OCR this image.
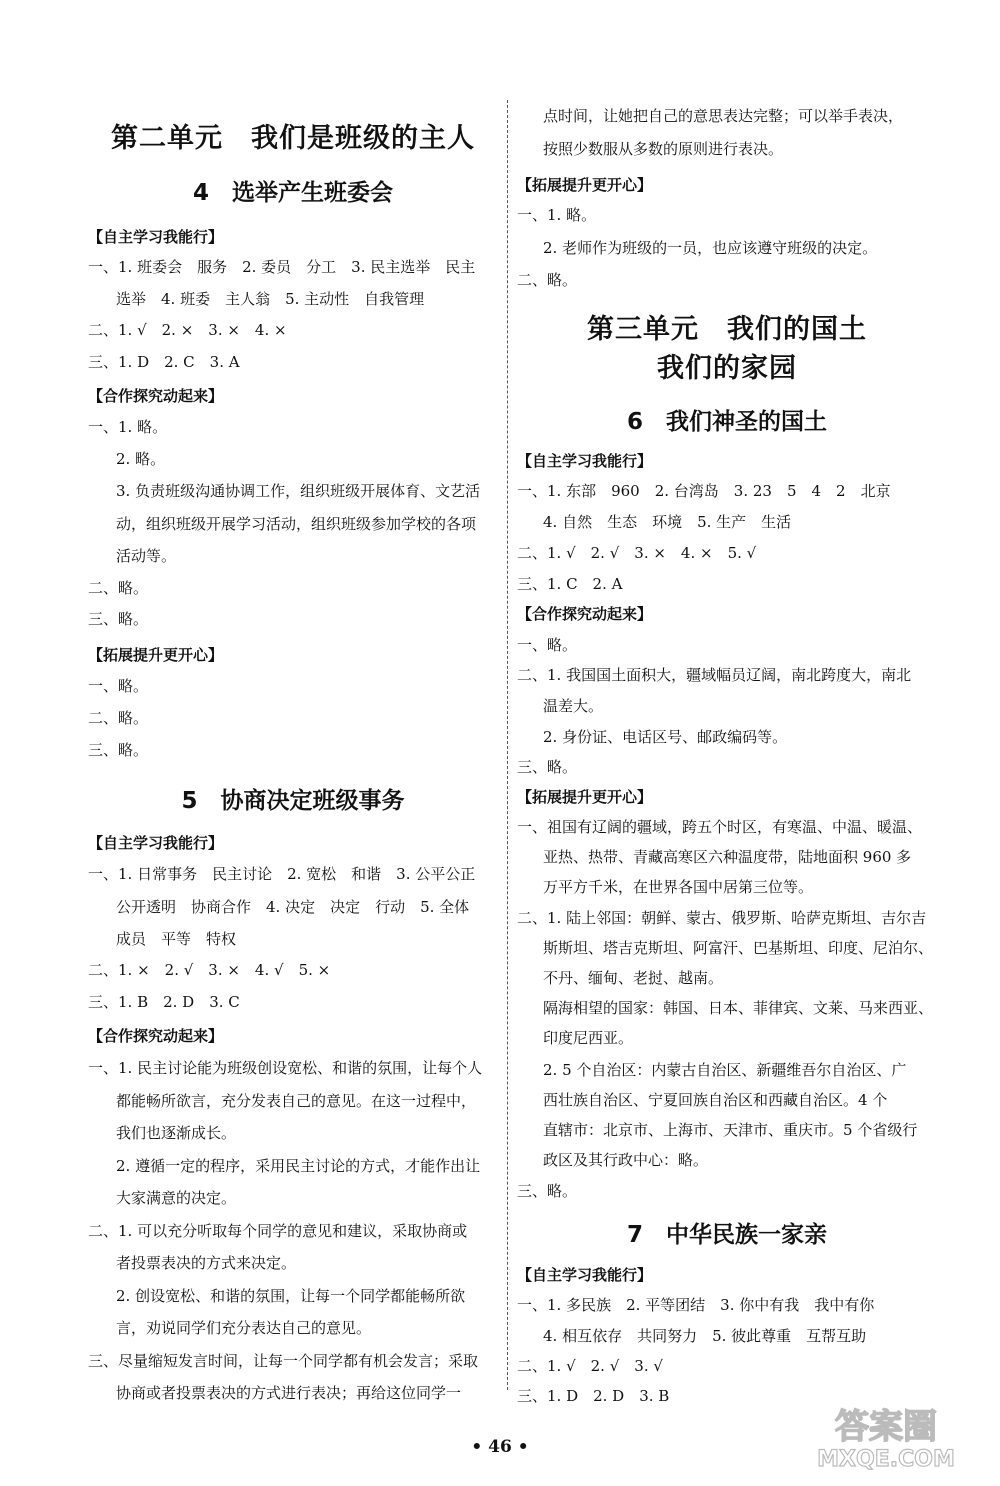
第二单元　我们是班级的主人
4　选举产生班委会
【自主学习我能行】
一、1. 班委会　服务　2. 委员　分工　3. 民主选举　民主
选举　4. 班委　主人翁　5. 主动性　自我管理
二、1. √　2. ×　3. ×　4. ×
三、1. D　2. C　3. A
【合作探究动起来】
一、1. 略。
2. 略。
3. 负责班级沟通协调工作，组织班级开展体育、文艺活
动，组织班级开展学习活动，组织班级参加学校的各项
活动等。
二、略。
三、略。
【拓展提升更开心】
一、略。
二、略。
三、略。
5　协商决定班级事务
【自主学习我能行】
一、1. 日常事务　民主讨论　2. 宽松　和谐　3. 公平公正
公开透明　协商合作　4. 决定　决定　行动　5. 全体
成员　平等　特权
二、1. ×　2. √　3. ×　4. √　5. ×
三、1. B　2. D　3. C
【合作探究动起来】
一、1. 民主讨论能为班级创设宽松、和谐的氛围，让每个人
都能畅所欲言，充分发表自己的意见。在这一过程中，
我们也逐渐成长。
2. 遵循一定的程序，采用民主讨论的方式，才能作出让
大家满意的决定。
二、1. 可以充分听取每个同学的意见和建议，采取协商或
者投票表决的方式来决定。
2. 创设宽松、和谐的氛围，让每一个同学都能畅所欲
言，劝说同学们充分表达自己的意见。
三、尽量缩短发言时间，让每一个同学都有机会发言；采取
协商或者投票表决的方式进行表决；再给这位同学一
点时间，让她把自己的意思表达完整；可以举手表决，
按照少数服从多数的原则进行表决。
【拓展提升更开心】
一、1. 略。
2. 老师作为班级的一员，也应该遵守班级的决定。
二、略。
第三单元　我们的国土
我们的家园
6　我们神圣的国土
【自主学习我能行】
一、1. 东部　960　2. 台湾岛　3. 23　5　4　2　北京
4. 自然　生态　环境　5. 生产　生活
二、1. √　2. √　3. ×　4. ×　5. √
三、1. C　2. A
【合作探究动起来】
一、略。
二、1. 我国国土面积大，疆域幅员辽阔，南北跨度大，南北
温差大。
2. 身份证、电话区号、邮政编码等。
三、略。
【拓展提升更开心】
一、祖国有辽阔的疆域，跨五个时区，有寒温、中温、暖温、
亚热、热带、青藏高寒区六种温度带，陆地面积 960 多
万平方千米，在世界各国中居第三位等。
二、1. 陆上邻国：朝鲜、蒙古、俄罗斯、哈萨克斯坦、吉尔吉
斯斯坦、塔吉克斯坦、阿富汗、巴基斯坦、印度、尼泊尔、
不丹、缅甸、老挝、越南。
隔海相望的国家：韩国、日本、菲律宾、文莱、马来西亚、
印度尼西亚。
2. 5 个自治区：内蒙古自治区、新疆维吾尔自治区、广
西壮族自治区、宁夏回族自治区和西藏自治区。4 个
直辖市：北京市、上海市、天津市、重庆市。5 个省级行
政区及其行政中心：略。
三、略。
7　中华民族一家亲
【自主学习我能行】
一、1. 多民族　2. 平等团结　3. 你中有我　我中有你
4. 相互依存　共同努力　5. 彼此尊重　互帮互助
二、1. √　2. √　3. √
三、1. D　2. D　3. B
• 46 •	答案圈
MXQE.COM
